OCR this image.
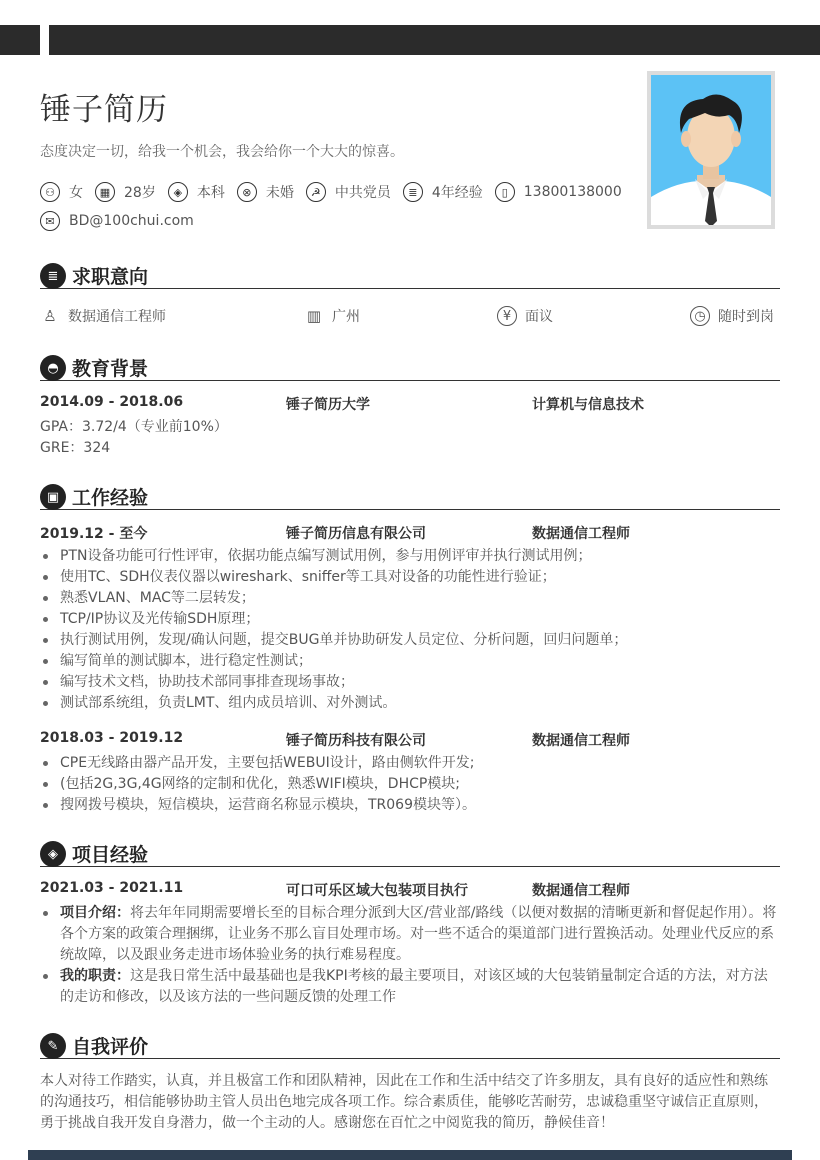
锤子简历
态度决定一切，给我一个机会，我会给你一个大大的惊喜。
⚇	女	▦ 28岁	◈	本科	⊗	未婚	☭	中共党员	≣	4年经验	▯	13800138000
✉	BD@100chui.com
≣ 求职意向
♙ 数据通信工程师	▥ 广州	¥ 面议	◷ 随时到岗
◓ 教育背景
2014.09 - 2018.06	锤子简历大学	计算机与信息技术
GPA：3.72/4（专业前10%）
GRE：324
▣ 工作经验
2019.12 - 至今	锤子简历信息有限公司	数据通信工程师
PTN设备功能可行性评审，依据功能点编写测试用例，参与用例评审并执行测试用例；
使用TC、SDH仪表仪器以wireshark、sniffer等工具对设备的功能性进行验证；
熟悉VLAN、MAC等二层转发；
TCP/IP协议及光传输SDH原理；
执行测试用例，发现/确认问题，提交BUG单并协助研发人员定位、分析问题，回归问题单；
编写简单的测试脚本，进行稳定性测试；
编写技术文档，协助技术部同事排查现场事故；
测试部系统组，负责LMT、组内成员培训、对外测试。
2018.03 - 2019.12	锤子简历科技有限公司	数据通信工程师
CPE无线路由器产品开发，主要包括WEBUI设计，路由侧软件开发;
(包括2G,3G,4G网络的定制和优化，熟悉WIFI模块，DHCP模块;
搜网拨号模块，短信模块，运营商名称显示模块，TR069模块等）。
◈ 项目经验
2021.03 - 2021.11	可口可乐区域大包装项目执行	数据通信工程师
项目介绍：将去年年同期需要增长至的目标合理分派到大区/营业部/路线（以便对数据的清晰更新和督促起作用）。将各个方案的政策合理捆绑，让业务不那么盲目处理市场。对一些不适合的渠道部门进行置换活动。处理业代反应的系统故障，以及跟业务走进市场体验业务的执行难易程度。
我的职责：这是我日常生活中最基础也是我KPI考核的最主要项目，对该区域的大包装销量制定合适的方法，对方法的走访和修改，以及该方法的一些问题反馈的处理工作
✎ 自我评价
本人对待工作踏实，认真，并且极富工作和团队精神，因此在工作和生活中结交了许多朋友，具有良好的适应性和熟练的沟通技巧，相信能够协助主管人员出色地完成各项工作。综合素质佳，能够吃苦耐劳，忠诚稳重坚守诚信正直原则，勇于挑战自我开发自身潜力，做一个主动的人。感谢您在百忙之中阅览我的简历，静候佳音！
